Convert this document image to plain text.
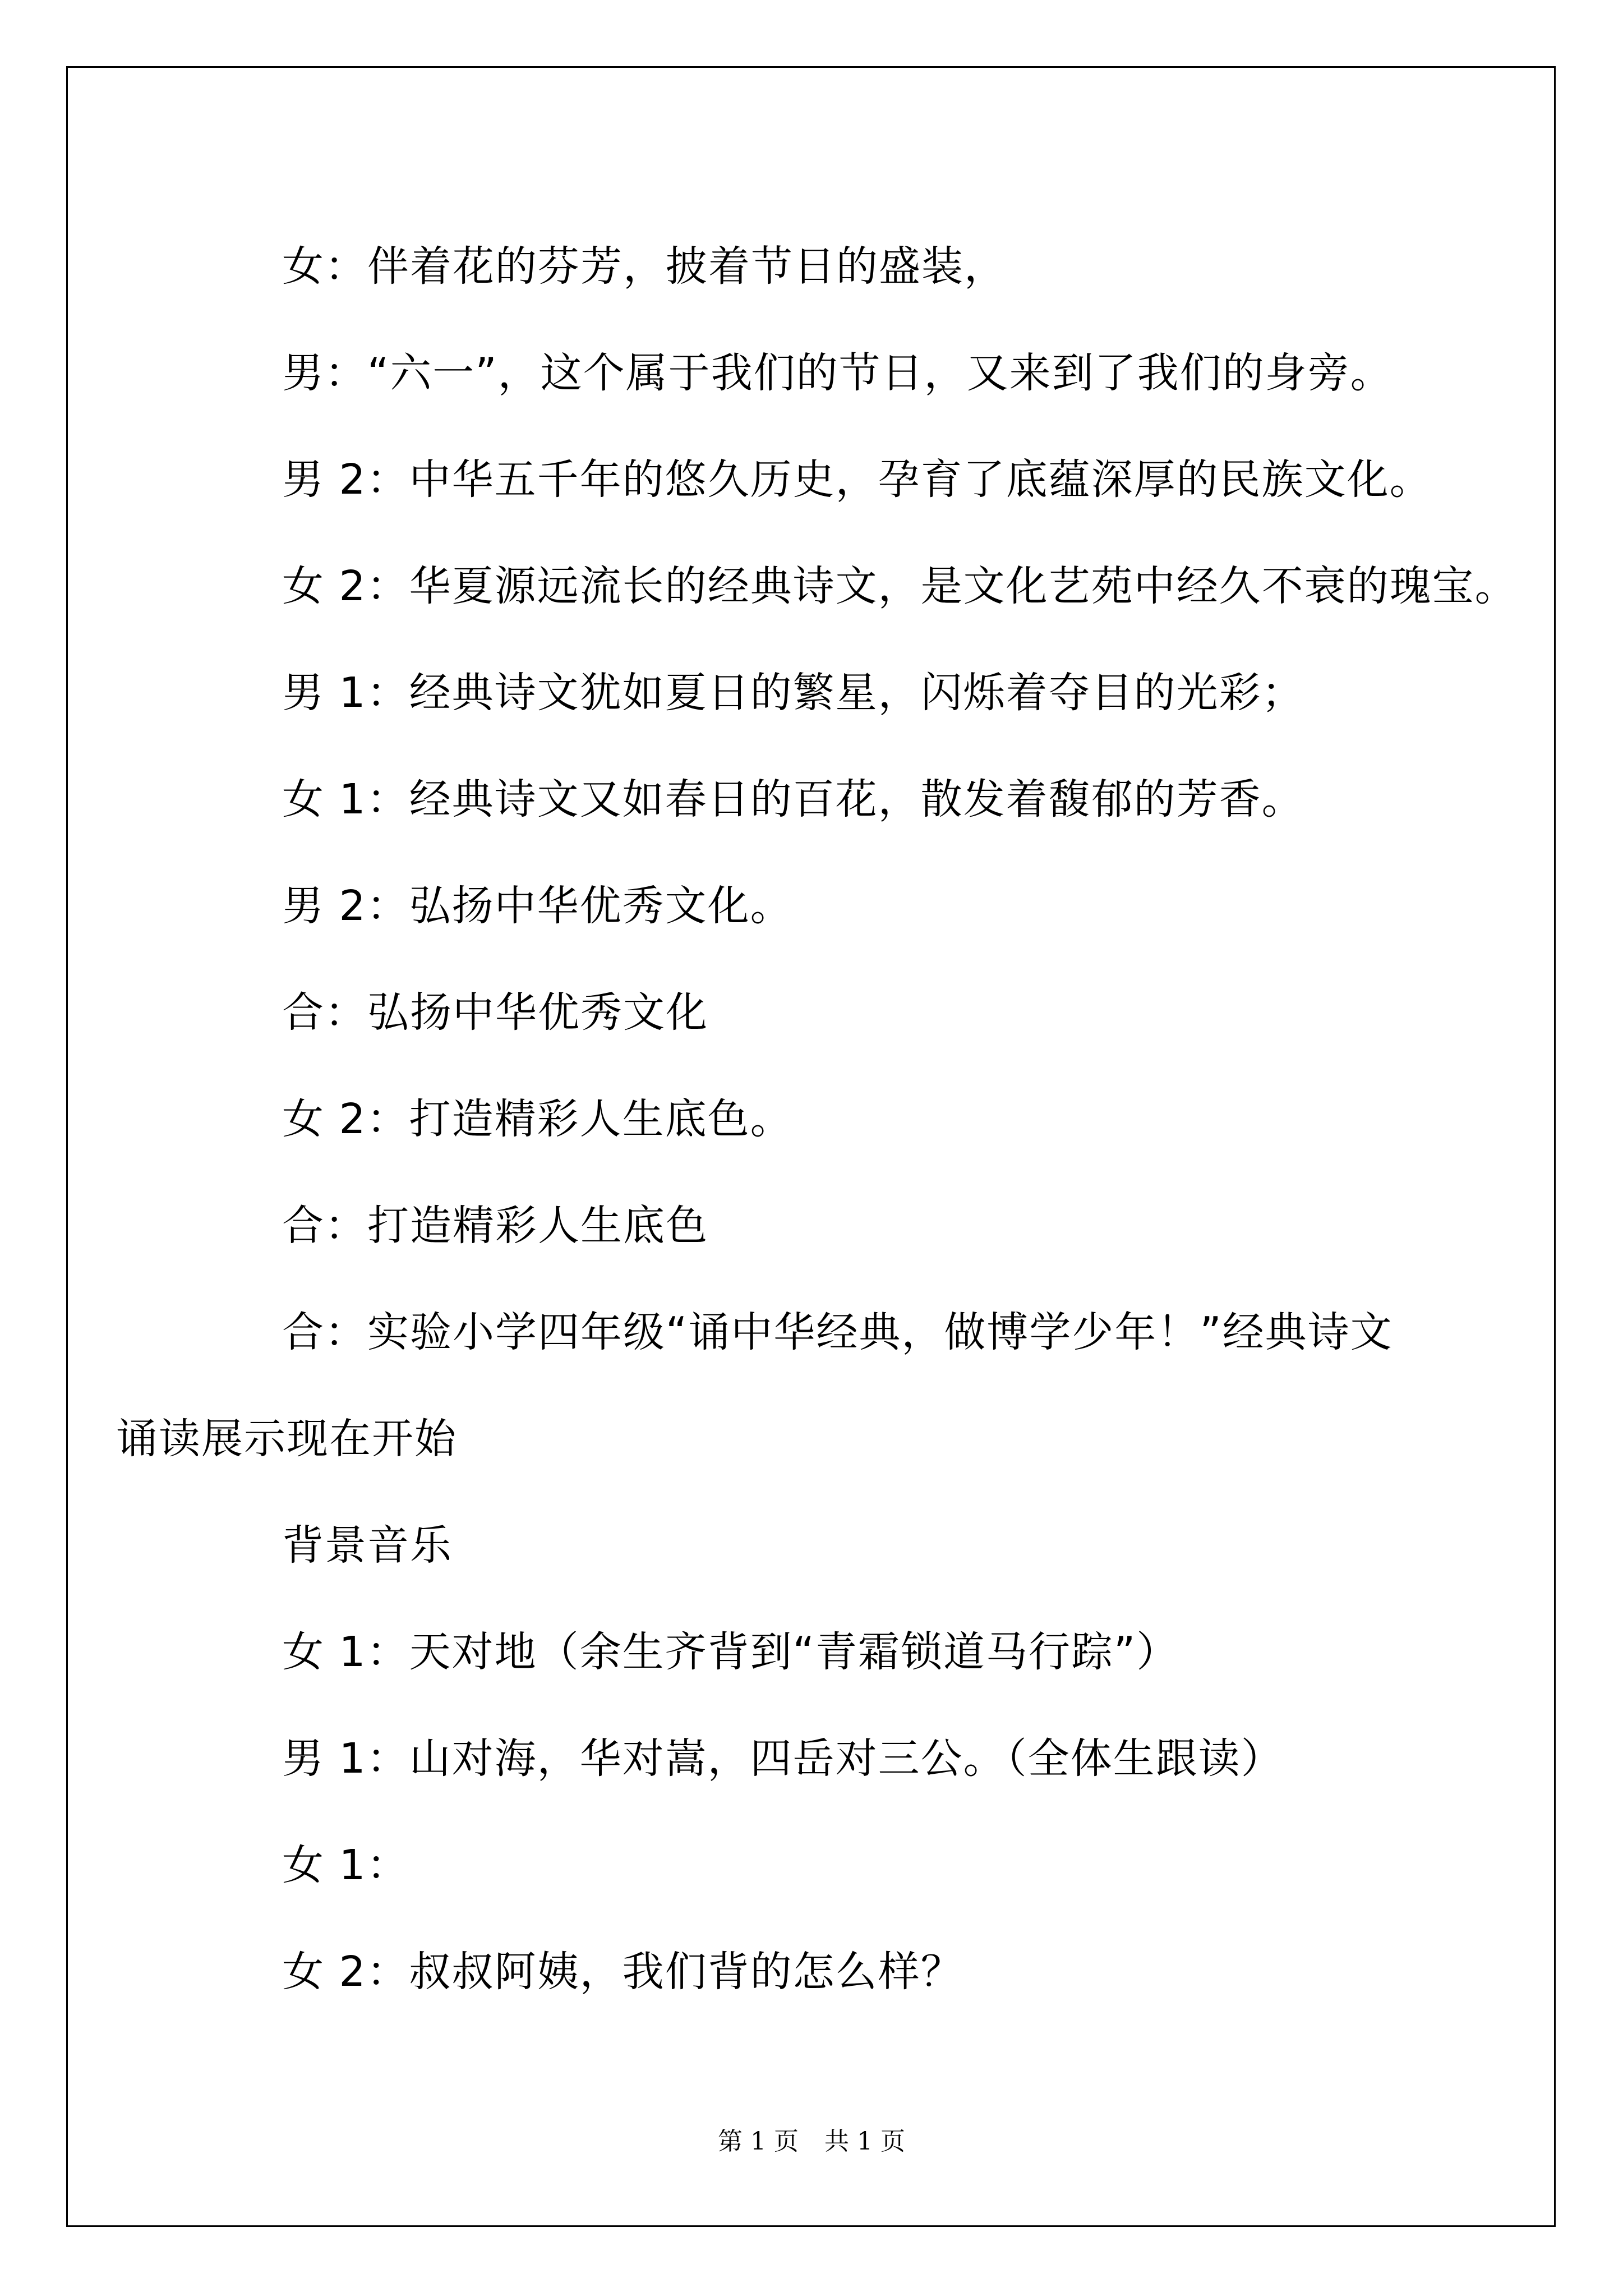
女：伴着花的芬芳，披着节日的盛装，

男：“六一”，这个属于我们的节日，又来到了我们的身旁。

男 2：中华五千年的悠久历史，孕育了底蕴深厚的民族文化。

女 2：华夏源远流长的经典诗文，是文化艺苑中经久不衰的瑰宝。

男 1：经典诗文犹如夏日的繁星，闪烁着夺目的光彩；

女 1：经典诗文又如春日的百花，散发着馥郁的芳香。

男 2：弘扬中华优秀文化。

合：弘扬中华优秀文化

女 2：打造精彩人生底色。

合：打造精彩人生底色

合：实验小学四年级“诵中华经典，做博学少年！”经典诗文诵读展示现在开始

背景音乐

女 1：天对地（余生齐背到“青霜锁道马行踪”）

男 1：山对海，华对嵩，四岳对三公。（全体生跟读）

女 1：

女 2：叔叔阿姨，我们背的怎么样？

第 1 页 共 1 页
